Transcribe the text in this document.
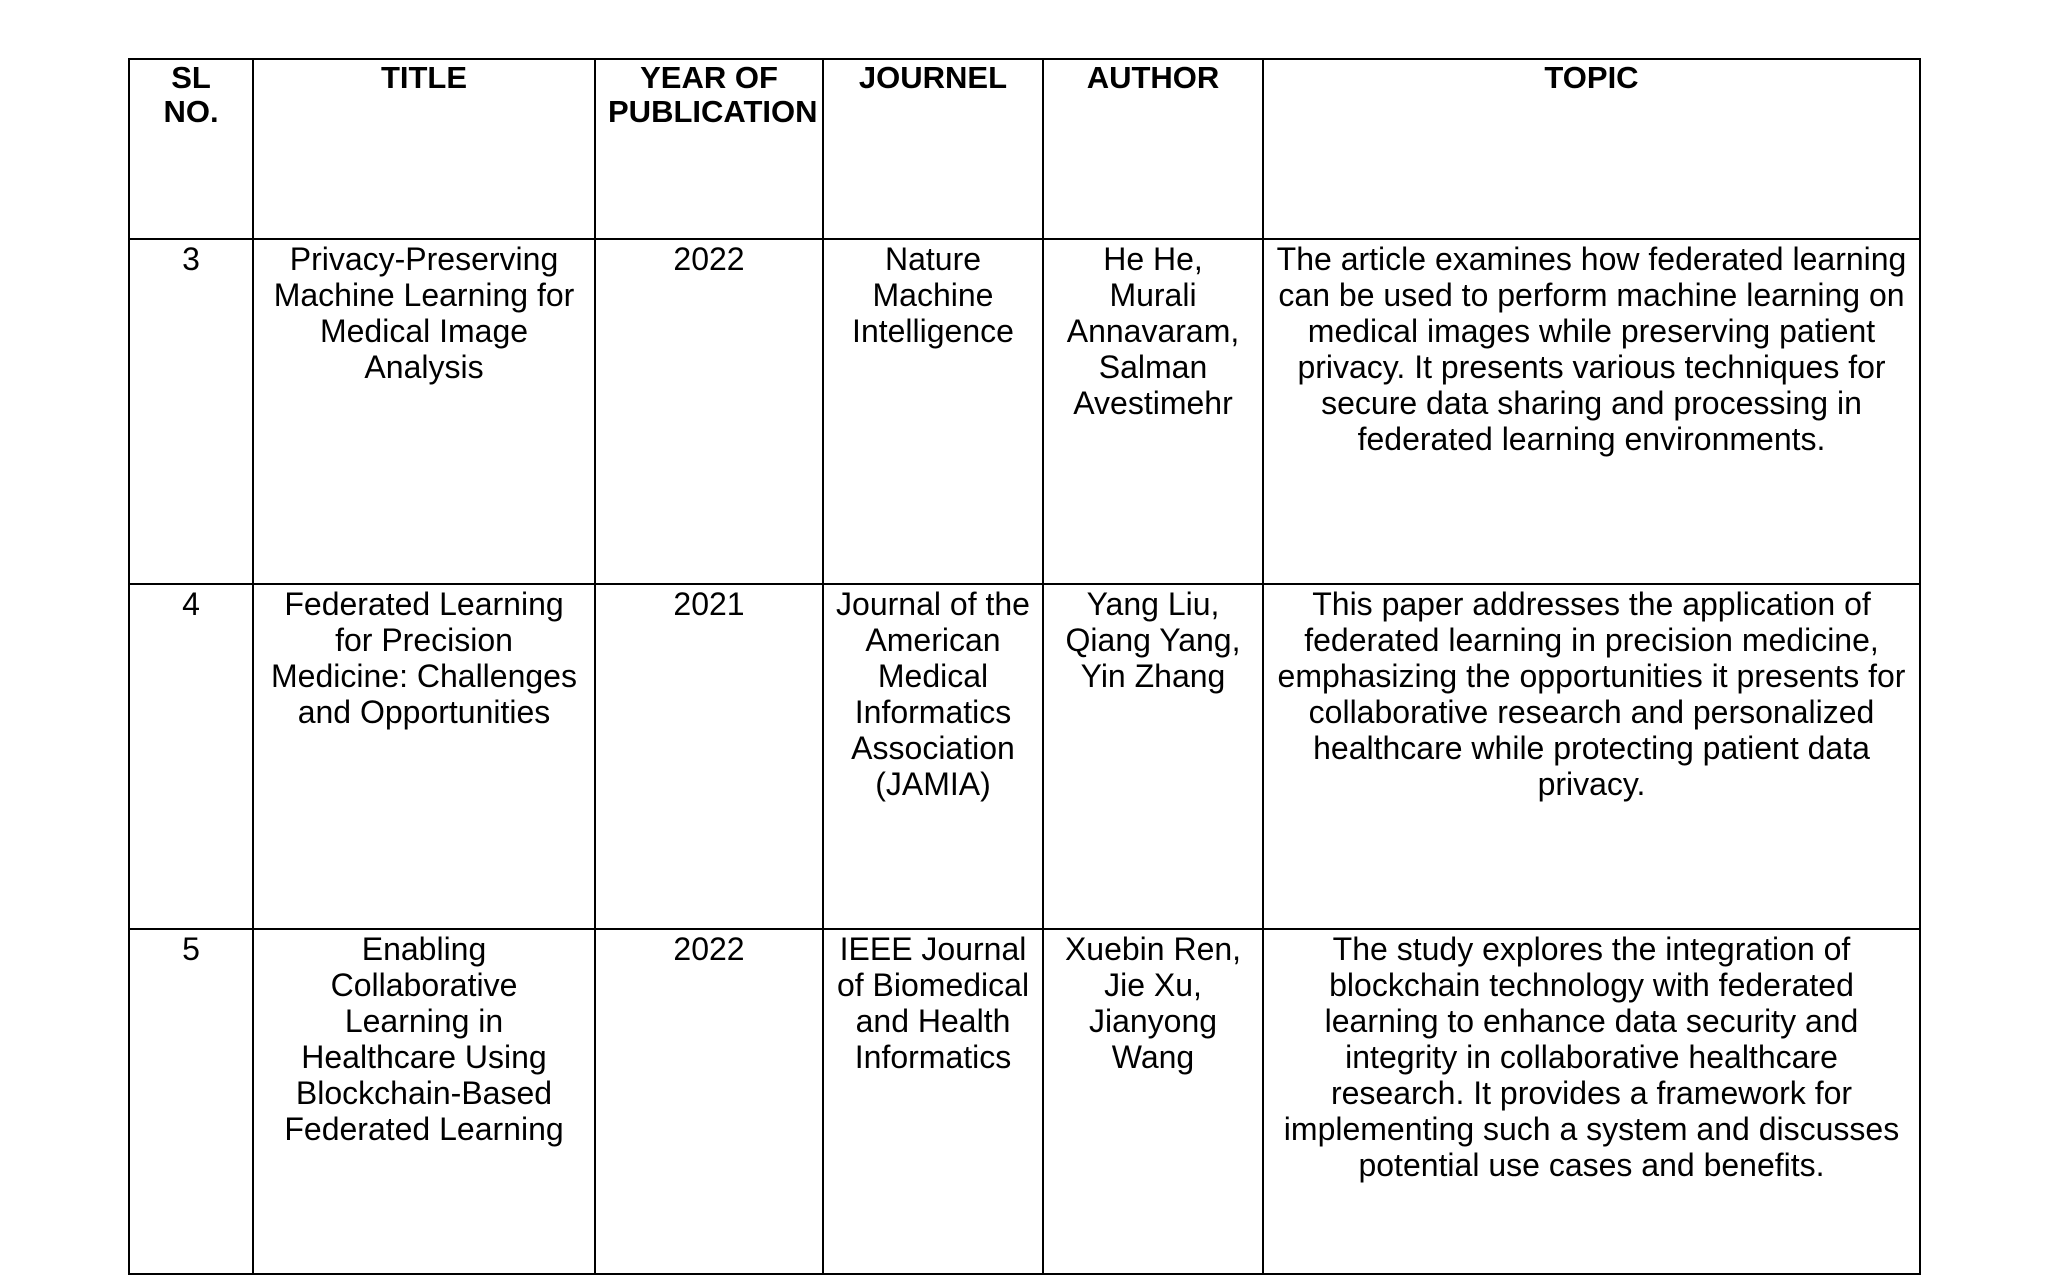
SL NO.	TITLE	YEAR OF PUBLICATION	JOURNEL	AUTHOR	TOPIC
3	Privacy-Preserving Machine Learning for Medical Image Analysis	2022	Nature Machine Intelligence	He He, Murali Annavaram, Salman Avestimehr	The article examines how federated learning can be used to perform machine learning on medical images while preserving patient privacy. It presents various techniques for secure data sharing and processing in federated learning environments.
4	Federated Learning for Precision Medicine: Challenges and Opportunities	2021	Journal of the American Medical Informatics Association (JAMIA)	Yang Liu, Qiang Yang, Yin Zhang	This paper addresses the application of federated learning in precision medicine, emphasizing the opportunities it presents for collaborative research and personalized healthcare while protecting patient data privacy.
5	Enabling Collaborative Learning in Healthcare Using Blockchain-Based Federated Learning	2022	IEEE Journal of Biomedical and Health Informatics	Xuebin Ren, Jie Xu, Jianyong Wang	The study explores the integration of blockchain technology with federated learning to enhance data security and integrity in collaborative healthcare research. It provides a framework for implementing such a system and discusses potential use cases and benefits.
